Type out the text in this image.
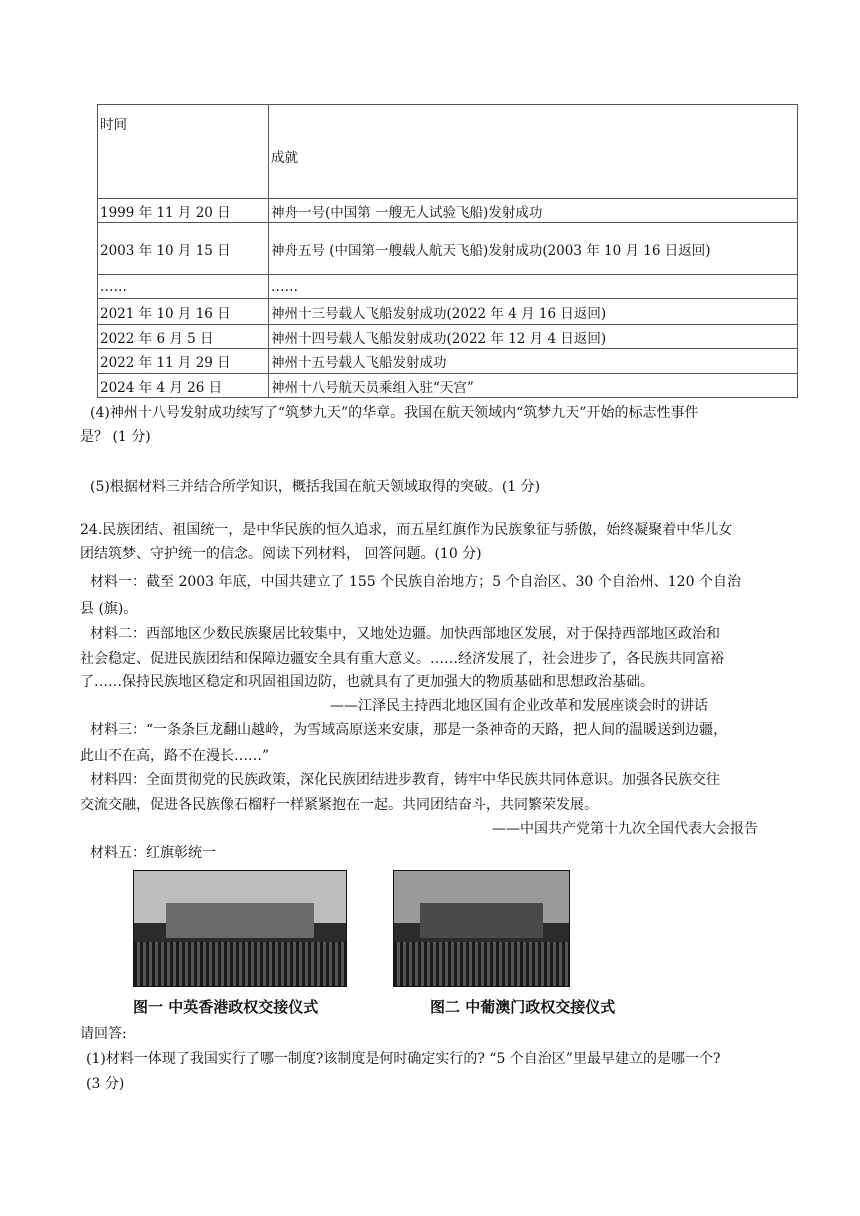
时间	成就
1999 年 11 月 20 日	神舟一号(中国第 一艘无人试验飞船)发射成功
2003 年 10 月 15 日	神舟五号 (中国第一艘载人航天飞船)发射成功(2003 年 10 月 16 日返回)
……	……
2021 年 10 月 16 日	神州十三号载人飞船发射成功(2022 年 4 月 16 日返回)
2022 年 6 月 5 日	神州十四号载人飞船发射成功(2022 年 12 月 4 日返回)
2022 年 11 月 29 日	神州十五号载人飞船发射成功
2024 年 4 月 26 日	神州十八号航天员乘组入驻“天宫”
(4)神州十八号发射成功续写了“筑梦九天”的华章。我国在航天领域内“筑梦九天”开始的标志性事件
是？ (1 分)
(5)根据材料三并结合所学知识，概括我国在航天领域取得的突破。(1 分)
24.民族团结、祖国统一，是中华民族的恒久追求，而五星红旗作为民族象征与骄傲，始终凝聚着中华儿女
团结筑梦、守护统一的信念。阅读下列材料， 回答问题。(10 分)
材料一：截至 2003 年底，中国共建立了 155 个民族自治地方；5 个自治区、30 个自治州、120 个自治
县 (旗)。
材料二：西部地区少数民族聚居比较集中，又地处边疆。加快西部地区发展，对于保持西部地区政治和
社会稳定、促进民族团结和保障边疆安全具有重大意义。……经济发展了，社会进步了，各民族共同富裕
了……保持民族地区稳定和巩固祖国边防，也就具有了更加强大的物质基础和思想政治基础。
——江泽民主持西北地区国有企业改革和发展座谈会时的讲话
材料三：“一条条巨龙翻山越岭，为雪域高原送来安康，那是一条神奇的天路，把人间的温暖送到边疆，
此山不在高，路不在漫长……”
材料四：全面贯彻党的民族政策，深化民族团结进步教育，铸牢中华民族共同体意识。加强各民族交往
交流交融，促进各民族像石榴籽一样紧紧抱在一起。共同团结奋斗，共同繁荣发展。
——中国共产党第十九次全国代表大会报告
材料五：红旗彰统一
图一 中英香港政权交接仪式	图二 中葡澳门政权交接仪式
请回答:
(1)材料一体现了我国实行了哪一制度?该制度是何时确定实行的? “5 个自治区”里最早建立的是哪一个?
(3 分)
